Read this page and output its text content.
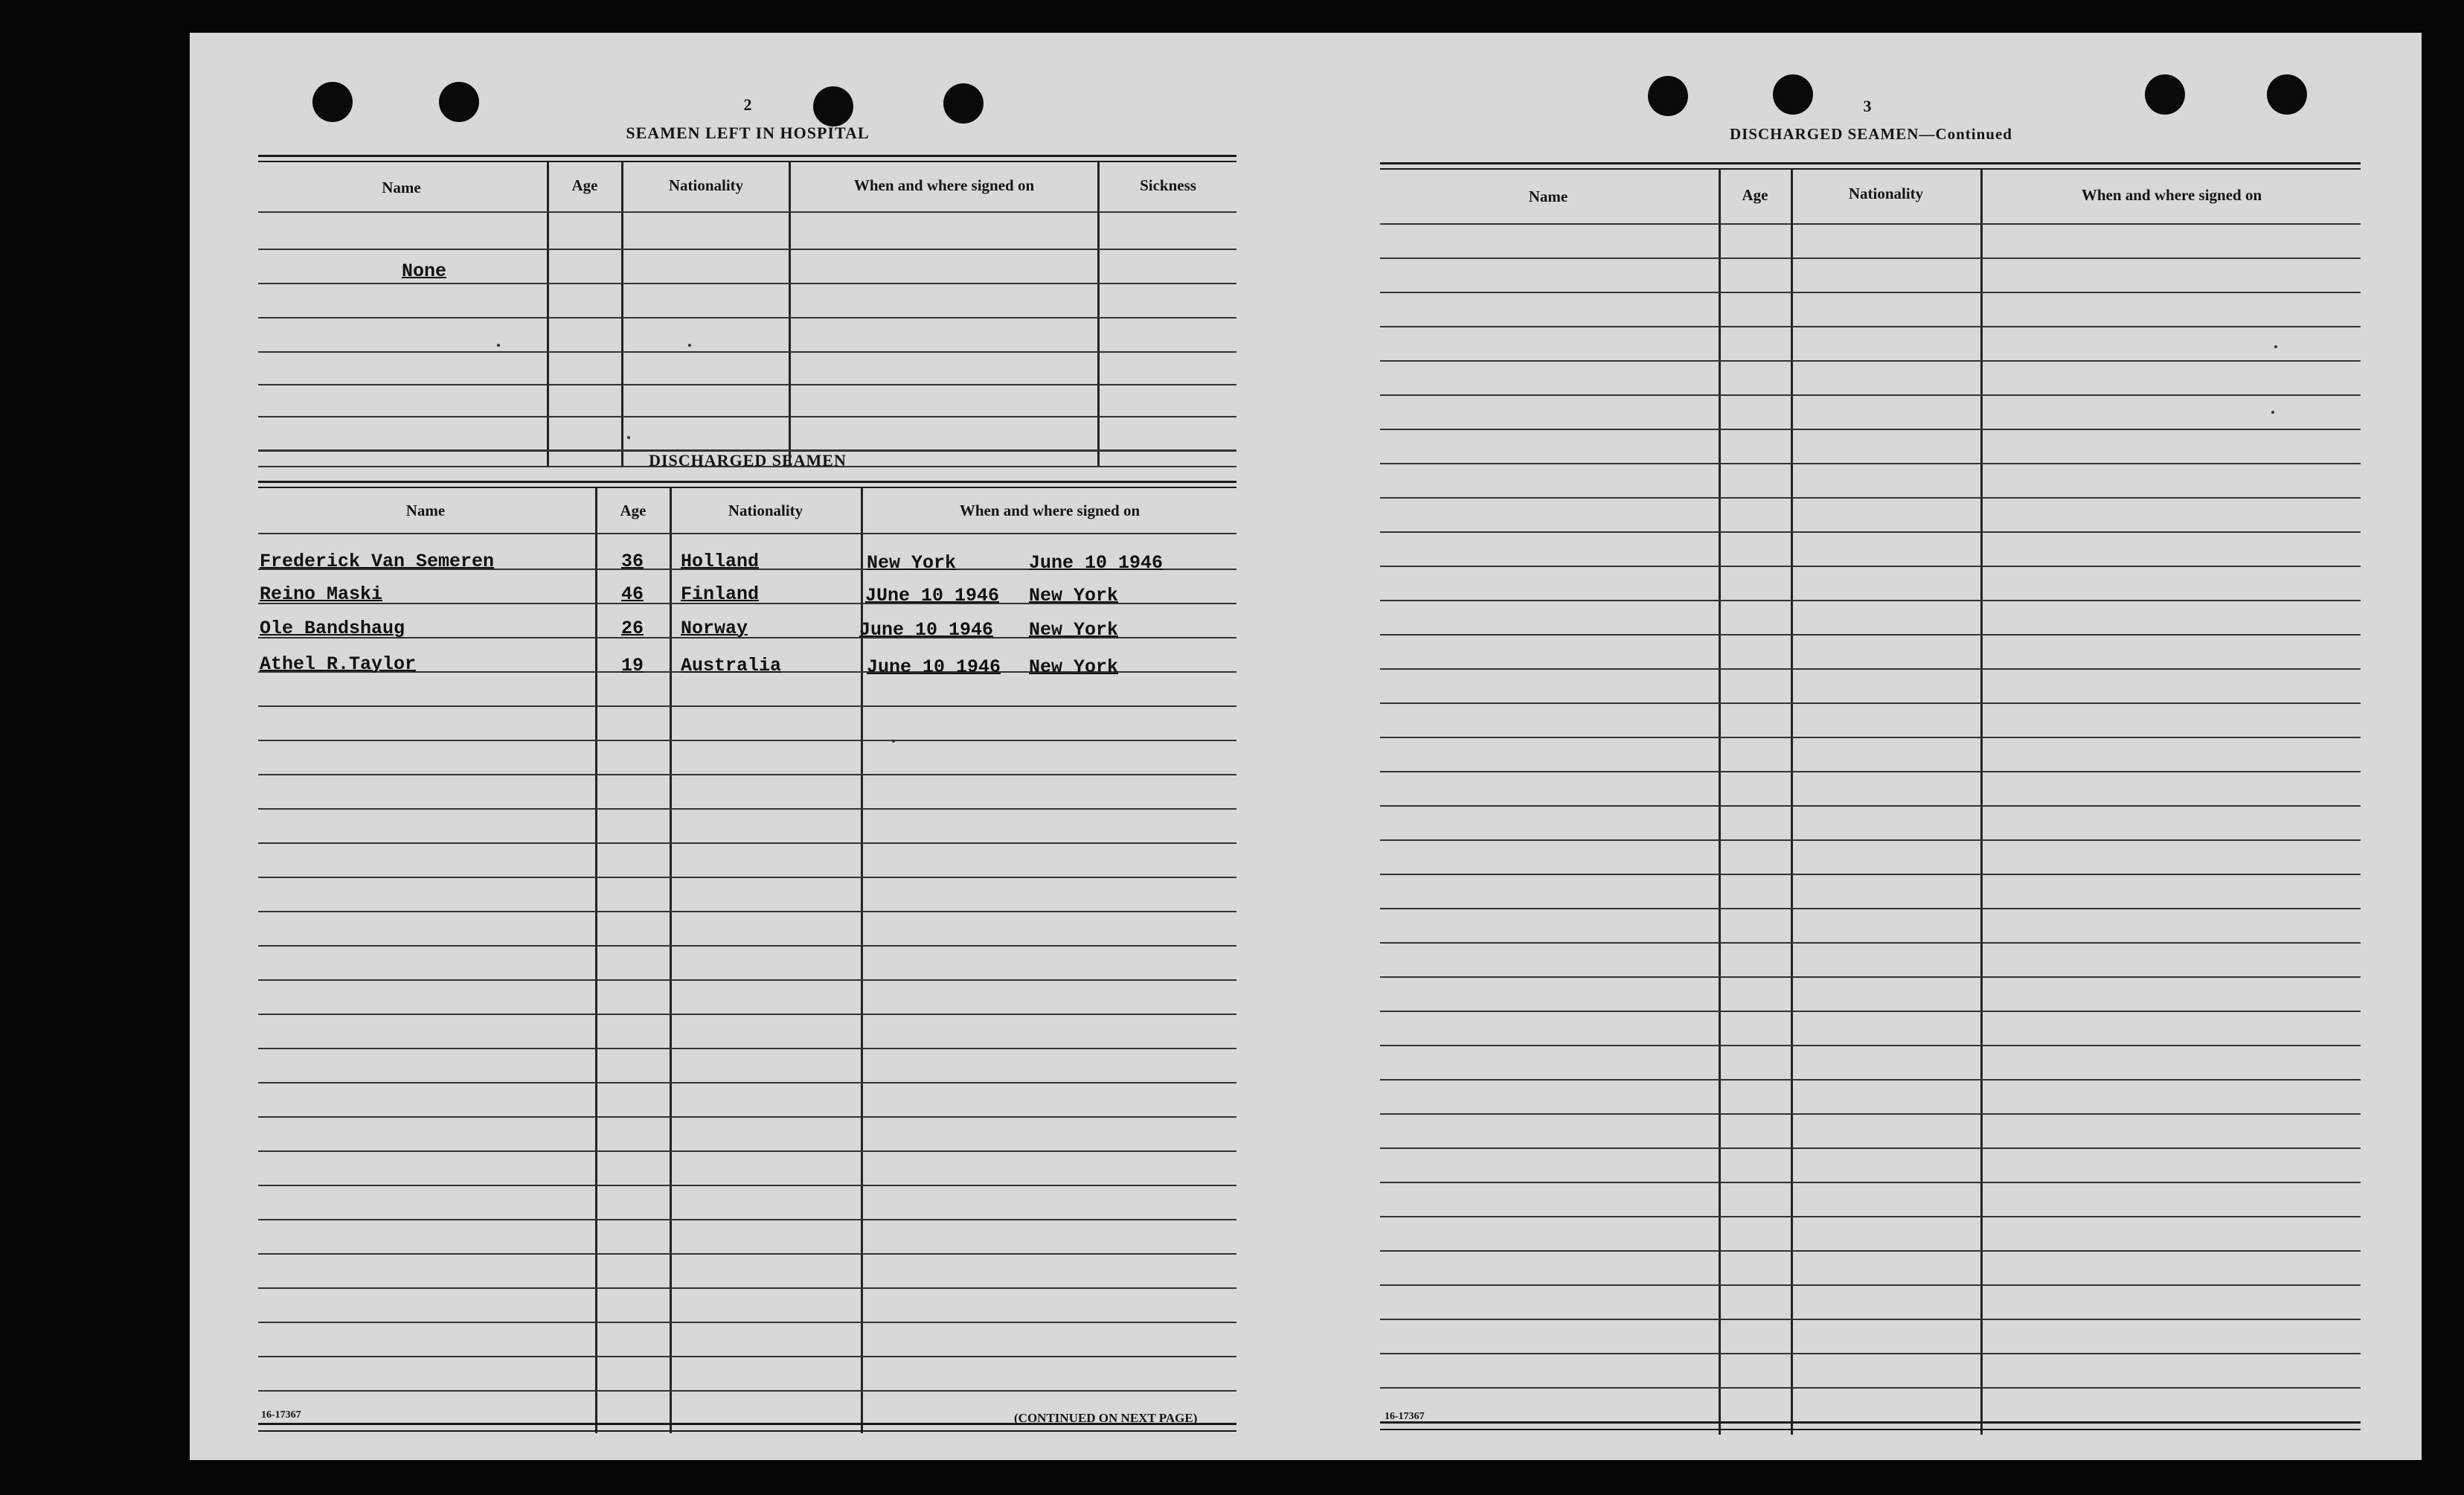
2
SEAMEN LEFT IN HOSPITAL
Name	Age	Nationality	When and where signed on	Sickness
None
DISCHARGED SEAMEN
Name	Age	Nationality	When and where signed on
Frederick Van Semeren	36 Holland	New York	June 10 1946
Reino Maski	46 Finland	JUne 10 1946 New York
Ole Bandshaug	26 Norway	June 10 1946 New York
Athel R.Taylor	19 Australia	June 10 1946 New York
16-17367	(CONTINUED ON NEXT PAGE)
3
DISCHARGED SEAMEN—Continued
Name	Age	Nationality	When and where signed on
16-17367
